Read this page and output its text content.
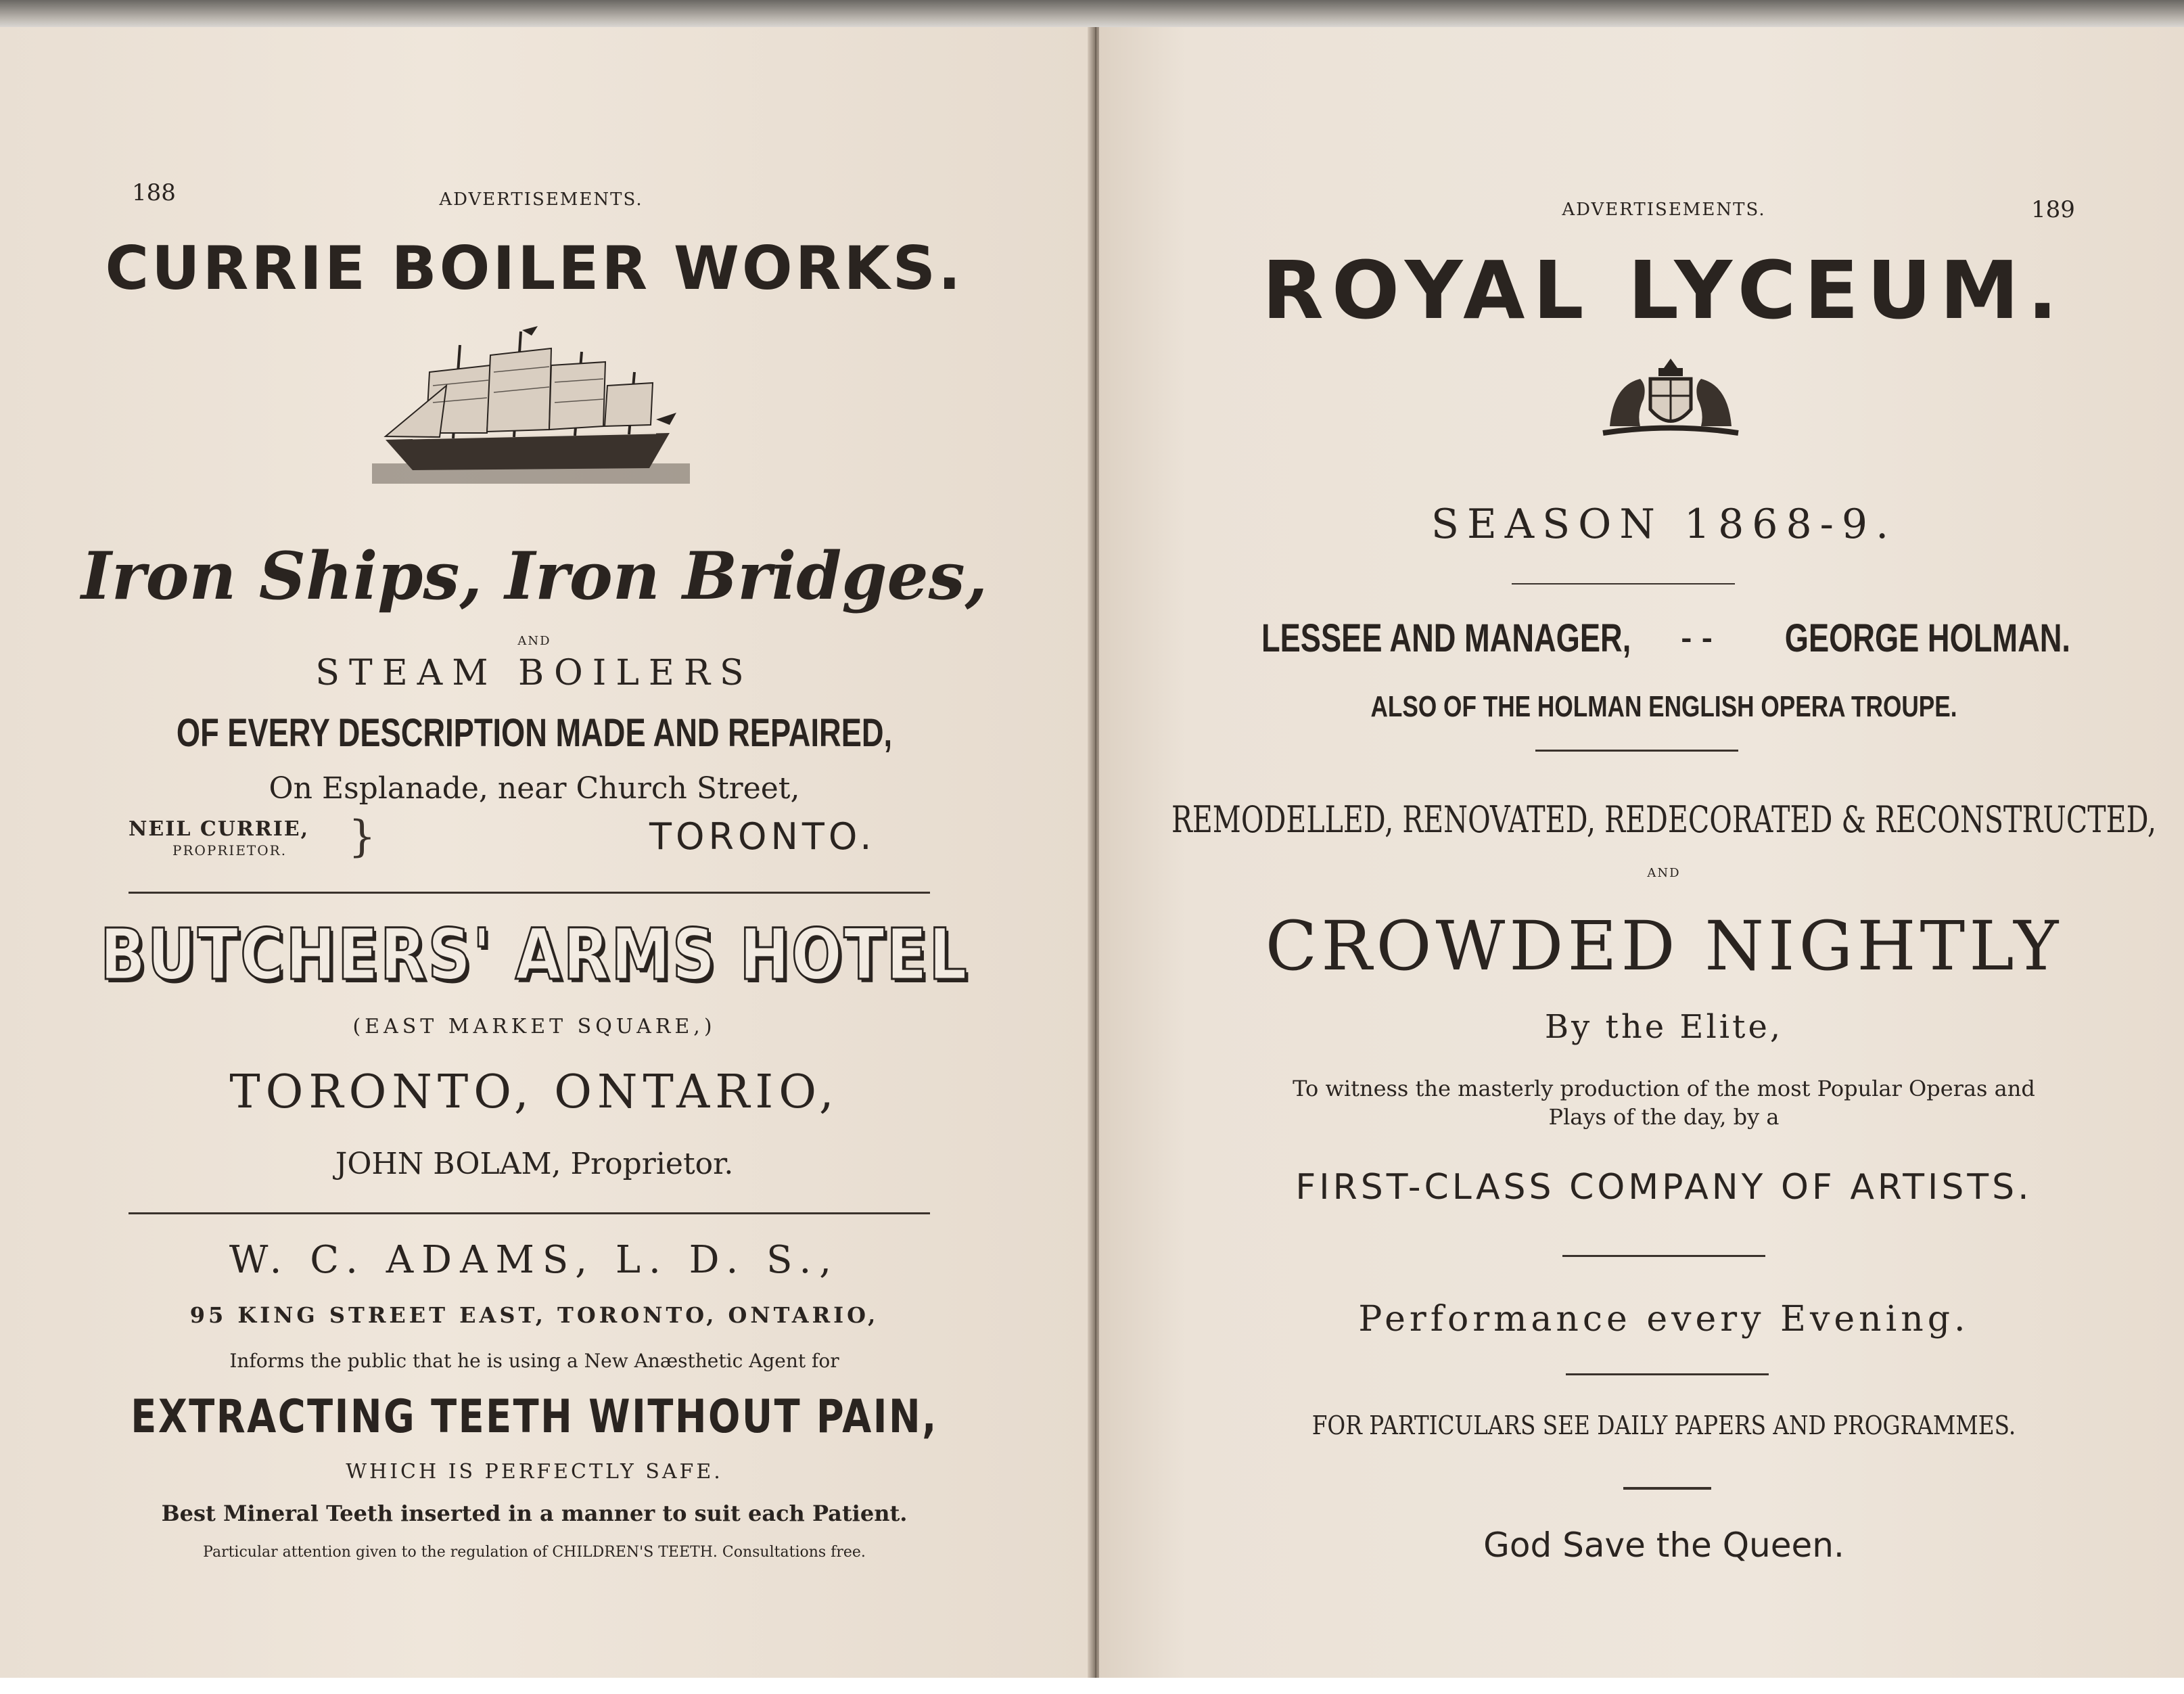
188	ADVERTISEMENTS.
CURRIE BOILER WORKS.
Iron Ships, Iron Bridges,
AND
STEAM BOILERS
OF EVERY DESCRIPTION MADE AND REPAIRED,
On Esplanade, near Church Street,
NEIL CURRIE,
PROPRIETOR. }	TORONTO.
BUTCHERS' ARMS HOTEL
(EAST MARKET SQUARE,)
TORONTO, ONTARIO,
JOHN BOLAM, Proprietor.
W. C. ADAMS, L. D. S.,
95 KING STREET EAST, TORONTO, ONTARIO,
Informs the public that he is using a New Anæsthetic Agent for
EXTRACTING TEETH WITHOUT PAIN,
WHICH IS PERFECTLY SAFE.
Best Mineral Teeth inserted in a manner to suit each Patient.
Particular attention given to the regulation of CHILDREN'S TEETH. Consultations free.
ADVERTISEMENTS.	189
ROYAL LYCEUM.
SEASON 1868-9.
LESSEE AND MANAGER, - - GEORGE HOLMAN.
ALSO OF THE HOLMAN ENGLISH OPERA TROUPE.
REMODELLED, RENOVATED, REDECORATED & RECONSTRUCTED,
AND
CROWDED NIGHTLY
By the Elite,
To witness the masterly production of the most Popular Operas and
Plays of the day, by a
FIRST-CLASS COMPANY OF ARTISTS.
Performance every Evening.
FOR PARTICULARS SEE DAILY PAPERS AND PROGRAMMES.
God Save the Queen.
